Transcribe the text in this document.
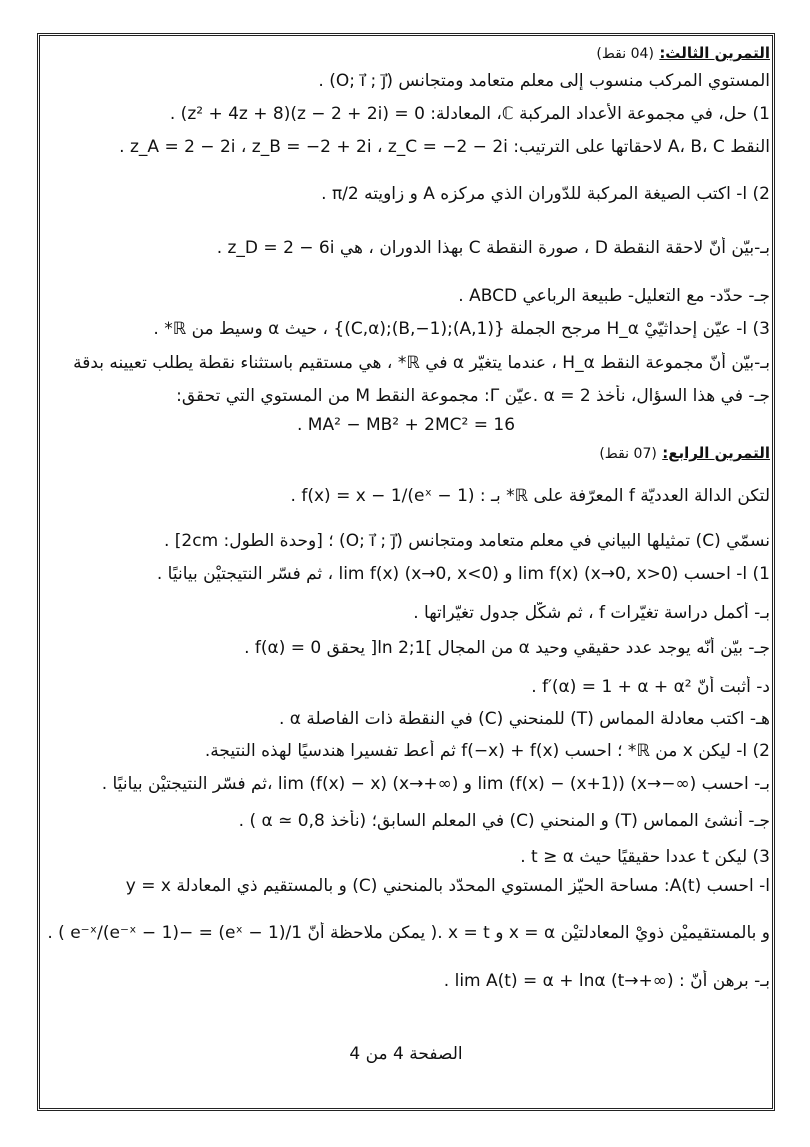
التمرين الثالث: (04 نقط)
المستوي المركب منسوب إلى معلم متعامد ومتجانس (O; i⃗ ; j⃗) .
1) حل، في مجموعة الأعداد المركبة ℂ، المعادلة: 0 = (z − 2 + 2i)(z² + 4z + 8) .
النقط A، B، C لاحقاتها على الترتيب: z_A = 2 − 2i ، z_B = −2 + 2i ، z_C = −2 − 2i .
2) ا- اكتب الصيغة المركبة للدّوران الذي مركزه A و زاويته π/2 .
بـ-بيّن أنّ لاحقة النقطة D ، صورة النقطة C بهذا الدوران ، هي z_D = 2 − 6i .
جـ- حدّد- مع التعليل- طبيعة الرباعي ABCD .
3) ا- عيّن إحداثيّيْ H_α مرجح الجملة {(A,1);(B,−1);(C,α)} ، حيث α وسيط من ℝ* .
بـ-بيّن أنّ مجموعة النقط H_α ، عندما يتغيّر α في ℝ* ، هي مستقيم باستثناء نقطة يطلب تعيينه بدقة
جـ- في هذا السؤال، نأخذ α = 2 .عيّن Γ: مجموعة النقط M من المستوي التي تحقق:
MA² − MB² + 2MC² = 16 .
التمرين الرابع: (07 نقط)
لتكن الدالة العدديّة f المعرّفة على ℝ* بـ : f(x) = x − 1/(eˣ − 1) .
نسمّي (C) تمثيلها البياني في معلم متعامد ومتجانس (O; i⃗ ; j⃗) ؛ [وحدة الطول: 2cm] .
1) ا- احسب lim f(x) (x→0, x>0) و lim f(x) (x→0, x<0) ، ثم فسّر النتيجتيْن بيانيًا .
بـ- أكمل دراسة تغيّرات f ، ثم شكّل جدول تغيّراتها .
جـ- بيّن أنّه يوجد عدد حقيقي وحيد α من المجال ]ln 2;1[ يحقق f(α) = 0 .
د- أثبت أنّ f′(α) = 1 + α + α² .
هـ- اكتب معادلة المماس (T) للمنحني (C) في النقطة ذات الفاصلة α .
2) ا- ليكن x من ℝ* ؛ احسب f(−x) + f(x) ثم أعط تفسيرا هندسيًا لهذه النتيجة.
بـ- احسب lim (f(x) − (x+1)) (x→−∞) و lim (f(x) − x) (x→+∞) ،ثم فسّر النتيجتيْن بيانيًا .
جـ- أنشئ المماس (T) و المنحني (C) في المعلم السابق؛ (نأخذ α ≃ 0,8 ) .
3) ليكن t عددا حقيقيًا حيث t ≥ α .
ا- احسب A(t): مساحة الحيّز المستوي المحدّد بالمنحني (C) و بالمستقيم ذي المعادلة y = x
و بالمستقيميْن ذويْ المعادلتيْن x = α و x = t .( يمكن ملاحظة أنّ 1/(eˣ − 1) = −e⁻ˣ/(e⁻ˣ − 1) ) .
بـ- برهن أنّ : lim A(t) = α + lnα (t→+∞) .
الصفحة 4 من 4
